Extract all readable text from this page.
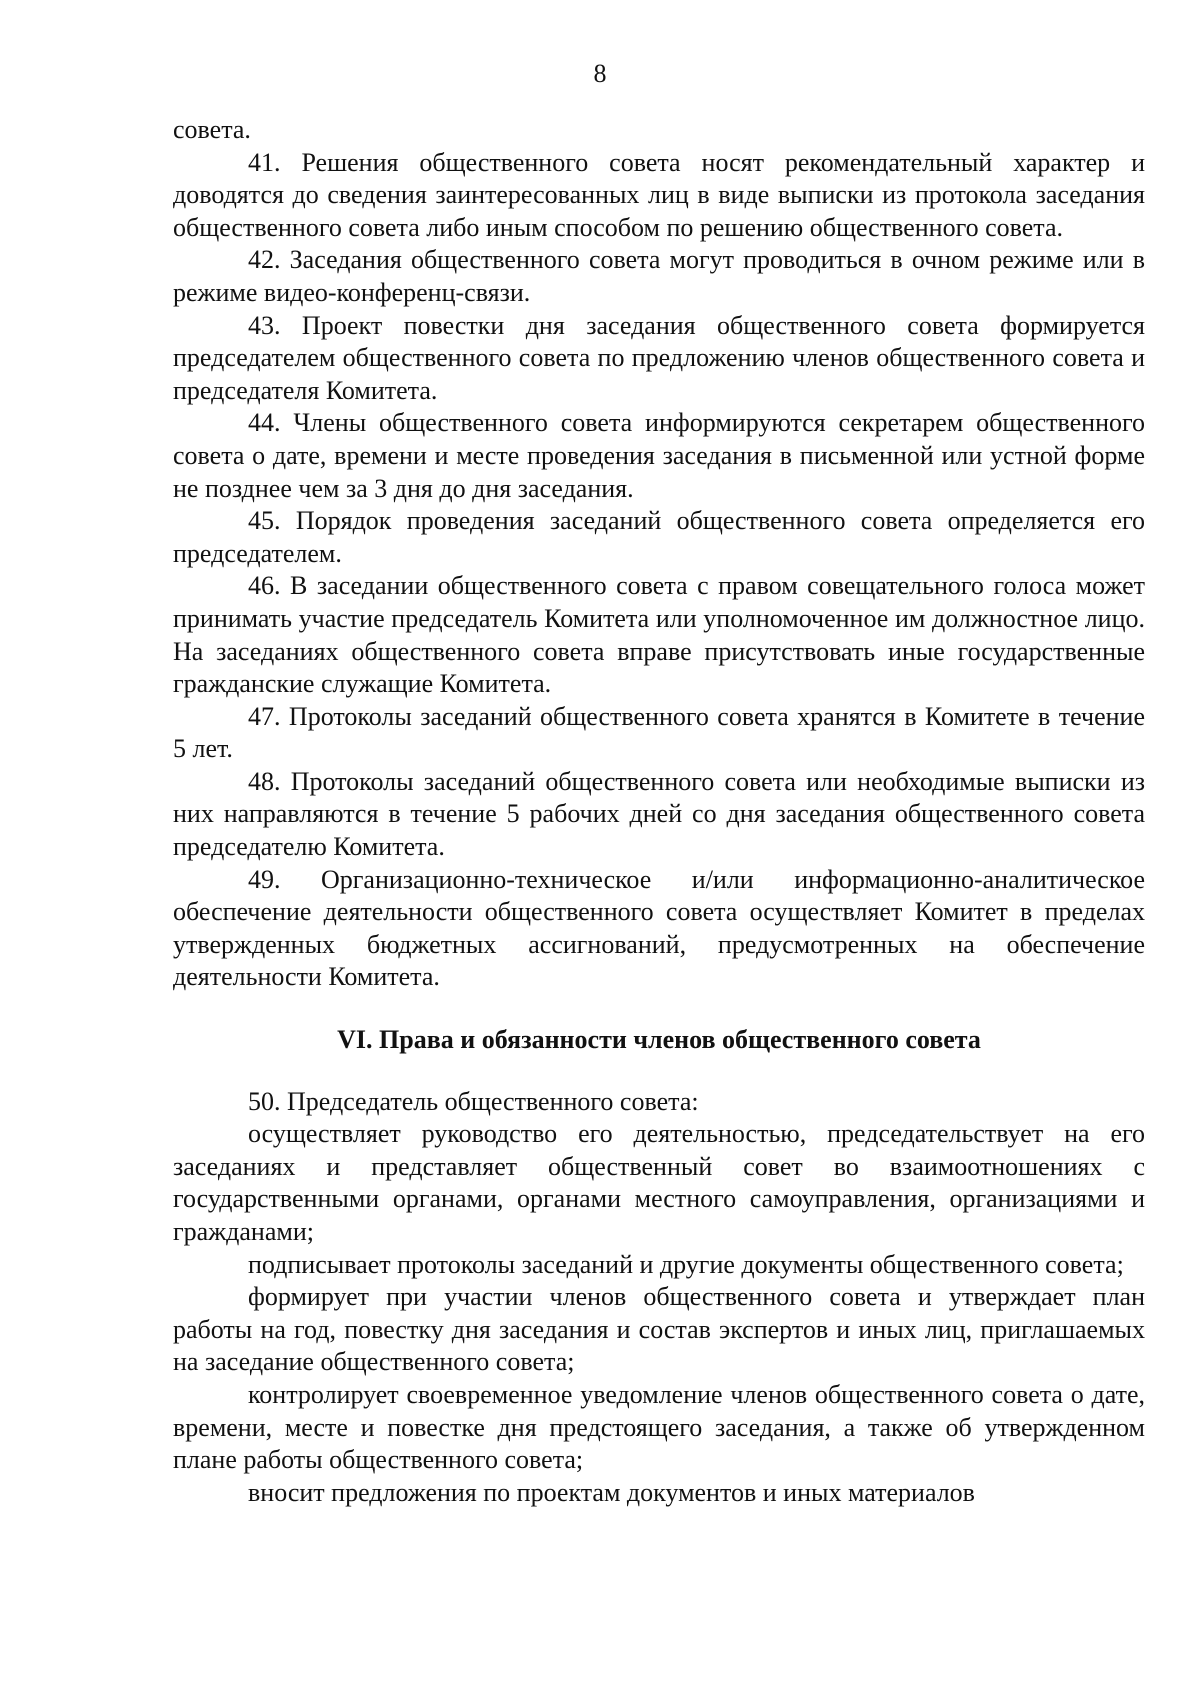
8

совета.

41. Решения общественного совета носят рекомендательный характер и доводятся до сведения заинтересованных лиц в виде выписки из протокола заседания общественного совета либо иным способом по решению общественного совета.

42. Заседания общественного совета могут проводиться в очном режиме или в режиме видео-конференц-связи.

43. Проект повестки дня заседания общественного совета формируется председателем общественного совета по предложению членов общественного совета и председателя Комитета.

44. Члены общественного совета информируются секретарем общественного совета о дате, времени и месте проведения заседания в письменной или устной форме не позднее чем за 3 дня до дня заседания.

45. Порядок проведения заседаний общественного совета определяется его председателем.

46. В заседании общественного совета с правом совещательного голоса может принимать участие председатель Комитета или уполномоченное им должностное лицо. На заседаниях общественного совета вправе присутствовать иные государственные гражданские служащие Комитета.

47. Протоколы заседаний общественного совета хранятся в Комитете в течение 5 лет.

48. Протоколы заседаний общественного совета или необходимые выписки из них направляются в течение 5 рабочих дней со дня заседания общественного совета председателю Комитета.

49. Организационно-техническое и/или информационно-аналитическое обеспечение деятельности общественного совета осуществляет Комитет в пределах утвержденных бюджетных ассигнований, предусмотренных на обеспечение деятельности Комитета.

VI. Права и обязанности членов общественного совета

50. Председатель общественного совета:

осуществляет руководство его деятельностью, председательствует на его заседаниях и представляет общественный совет во взаимоотношениях с государственными органами, органами местного самоуправления, организациями и гражданами;

подписывает протоколы заседаний и другие документы общественного совета;

формирует при участии членов общественного совета и утверждает план работы на год, повестку дня заседания и состав экспертов и иных лиц, приглашаемых на заседание общественного совета;

контролирует своевременное уведомление членов общественного совета о дате, времени, месте и повестке дня предстоящего заседания, а также об утвержденном плане работы общественного совета;

вносит предложения по проектам документов и иных материалов
